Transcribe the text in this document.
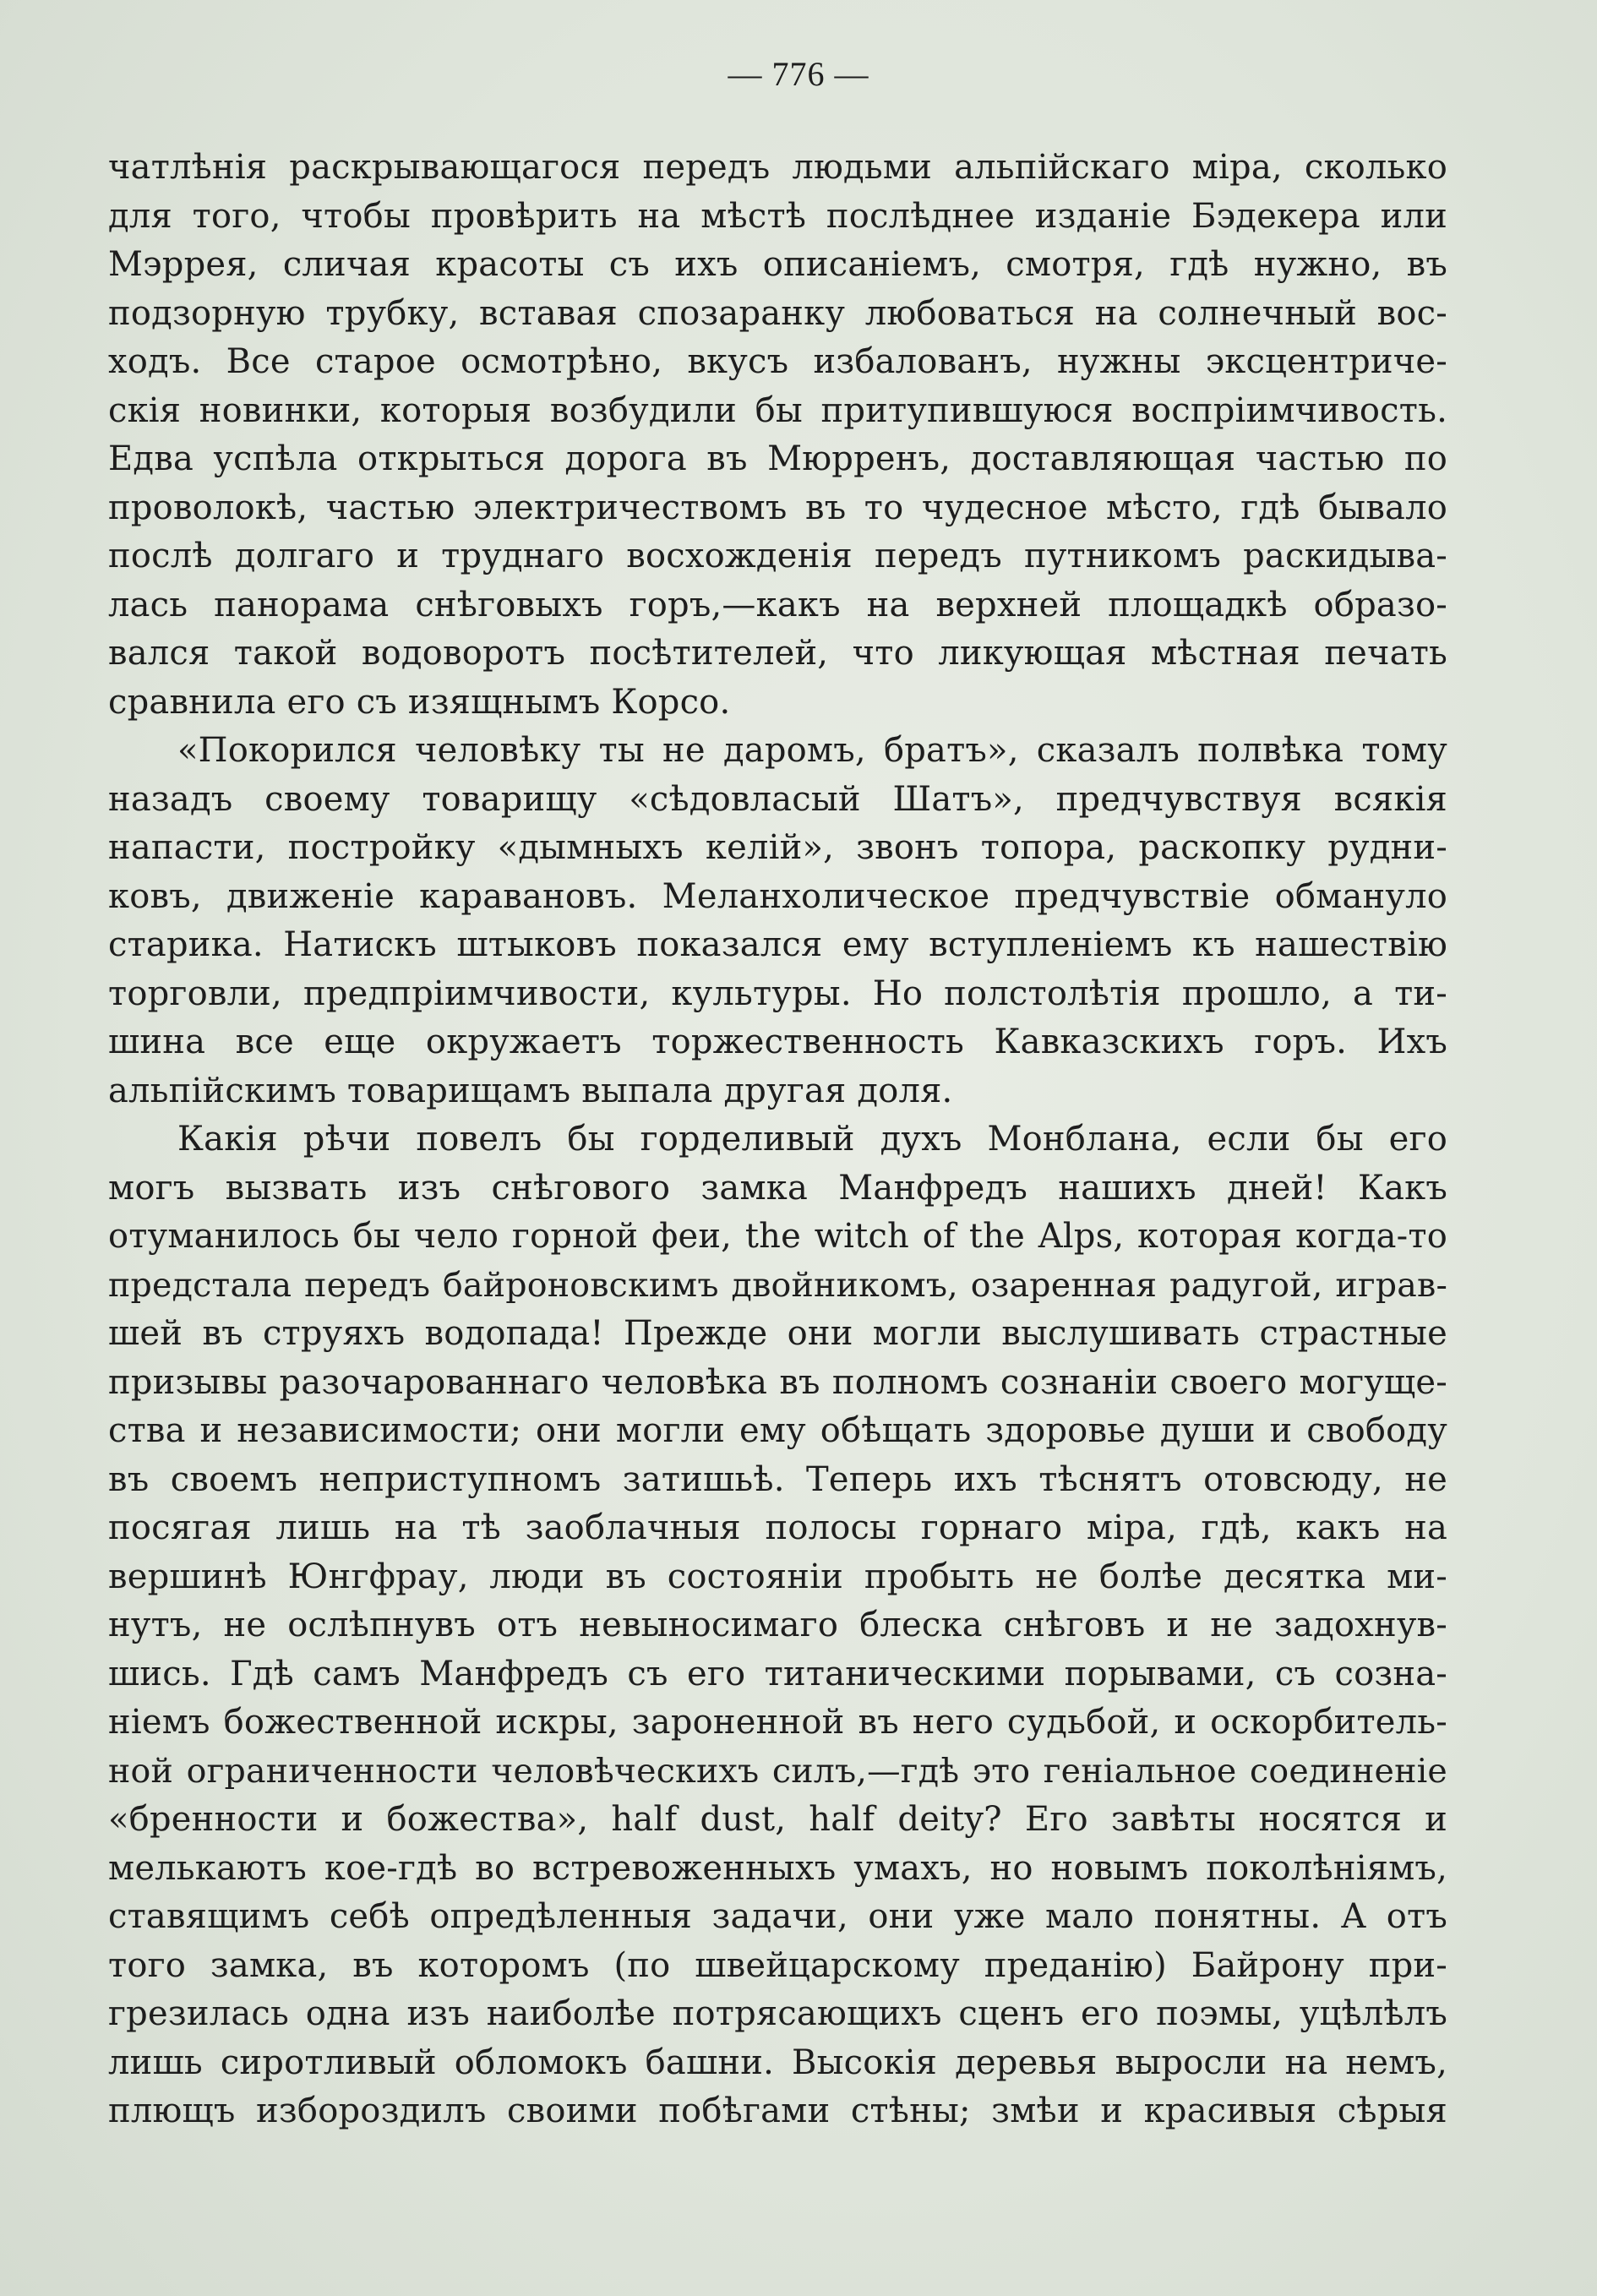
— 776 —
чатлѣнія раскрывающагося передъ людьми альпійскаго міра, сколько
для того, чтобы провѣрить на мѣстѣ послѣднее изданіе Бэдекера или
Мэррея, сличая красоты съ ихъ описаніемъ, смотря, гдѣ нужно, въ
подзорную трубку, вставая спозаранку любоваться на солнечный вос-
ходъ. Все старое осмотрѣно, вкусъ избалованъ, нужны эксцентриче-
скія новинки, которыя возбудили бы притупившуюся воспріимчивость.
Едва успѣла открыться дорога въ Мюрренъ, доставляющая частью по
проволокѣ, частью электричествомъ въ то чудесное мѣсто, гдѣ бывало
послѣ долгаго и труднаго восхожденія передъ путникомъ раскидыва-
лась панорама снѣговыхъ горъ,—какъ на верхней площадкѣ образо-
вался такой водоворотъ посѣтителей, что ликующая мѣстная печать
сравнила его съ изящнымъ Корсо.
«Покорился человѣку ты не даромъ, братъ», сказалъ полвѣка тому
назадъ своему товарищу «сѣдовласый Шатъ», предчувствуя всякія
напасти, постройку «дымныхъ келій», звонъ топора, раскопку рудни-
ковъ, движеніе каравановъ. Меланхолическое предчувствіе обмануло
старика. Натискъ штыковъ показался ему вступленіемъ къ нашествію
торговли, предпріимчивости, культуры. Но полстолѣтія прошло, а ти-
шина все еще окружаетъ торжественность Кавказскихъ горъ. Ихъ
альпійскимъ товарищамъ выпала другая доля.
Какія рѣчи повелъ бы горделивый духъ Монблана, если бы его
могъ вызвать изъ снѣгового замка Манфредъ нашихъ дней! Какъ
отуманилось бы чело горной феи, the witch of the Alps, которая когда-то
предстала передъ байроновскимъ двойникомъ, озаренная радугой, играв-
шей въ струяхъ водопада! Прежде они могли выслушивать страстные
призывы разочарованнаго человѣка въ полномъ сознаніи своего могуще-
ства и независимости; они могли ему обѣщать здоровье души и свободу
въ своемъ неприступномъ затишьѣ. Теперь ихъ тѣснятъ отовсюду, не
посягая лишь на тѣ заоблачныя полосы горнаго міра, гдѣ, какъ на
вершинѣ Юнгфрау, люди въ состояніи пробыть не болѣе десятка ми-
нутъ, не ослѣпнувъ отъ невыносимаго блеска снѣговъ и не задохнув-
шись. Гдѣ самъ Манфредъ съ его титаническими порывами, съ созна-
ніемъ божественной искры, зароненной въ него судьбой, и оскорбитель-
ной ограниченности человѣческихъ силъ,—гдѣ это геніальное соединеніе
«бренности и божества», half dust, half deity? Его завѣты носятся и
мелькаютъ кое-гдѣ во встревоженныхъ умахъ, но новымъ поколѣніямъ,
ставящимъ себѣ опредѣленныя задачи, они уже мало понятны. А отъ
того замка, въ которомъ (по швейцарскому преданію) Байрону при-
грезилась одна изъ наиболѣе потрясающихъ сценъ его поэмы, уцѣлѣлъ
лишь сиротливый обломокъ башни. Высокія деревья выросли на немъ,
плющъ избороздилъ своими побѣгами стѣны; змѣи и красивыя сѣрыя
